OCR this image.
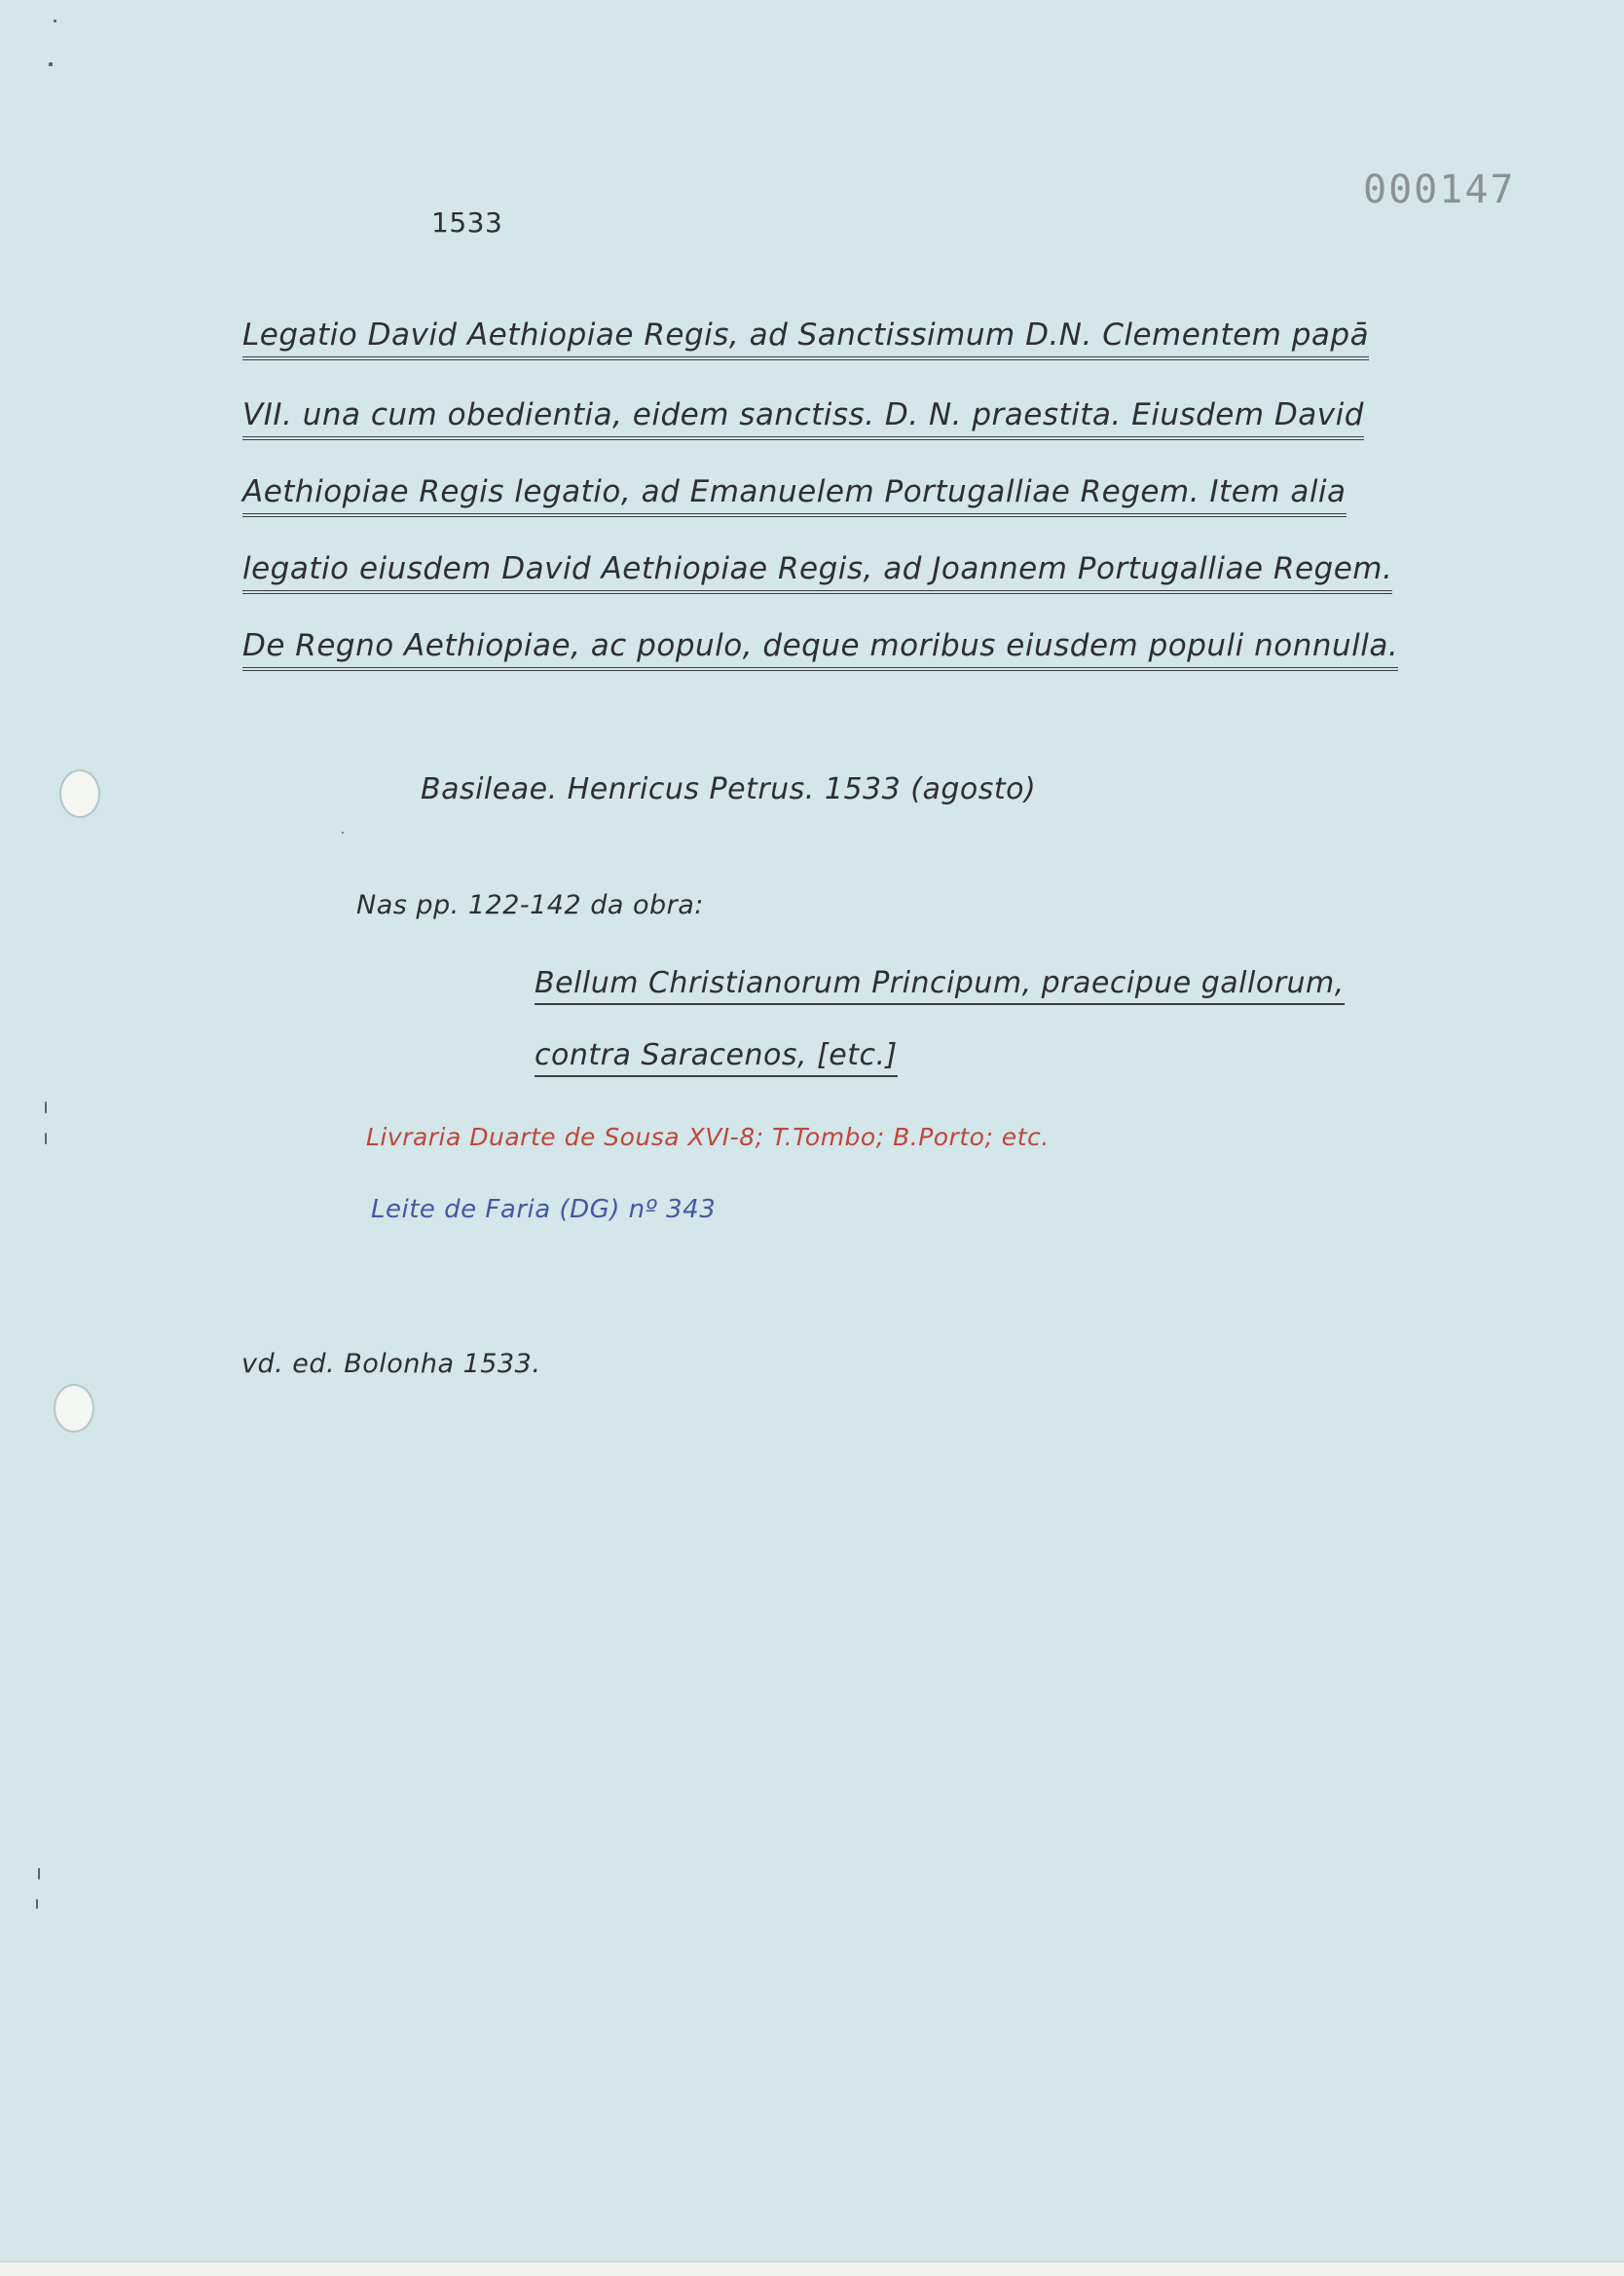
000147
1533
Legatio David Aethiopiae Regis, ad Sanctissimum D.N. Clementem papā
VII. una cum obedientia, eidem sanctiss. D. N. praestita. Eiusdem David
Aethiopiae Regis legatio, ad Emanuelem Portugalliae Regem. Item alia
legatio eiusdem David Aethiopiae Regis, ad Joannem Portugalliae Regem.
De Regno Aethiopiae, ac populo, deque moribus eiusdem populi nonnulla.
Basileae. Henricus Petrus. 1533 (agosto)
Nas pp. 122-142 da obra:
Bellum Christianorum Principum, praecipue gallorum,
contra Saracenos, [etc.]
Livraria Duarte de Sousa XVI-8; T.Tombo; B.Porto; etc.
Leite de Faria (DG) nº 343
vd. ed. Bolonha 1533.
